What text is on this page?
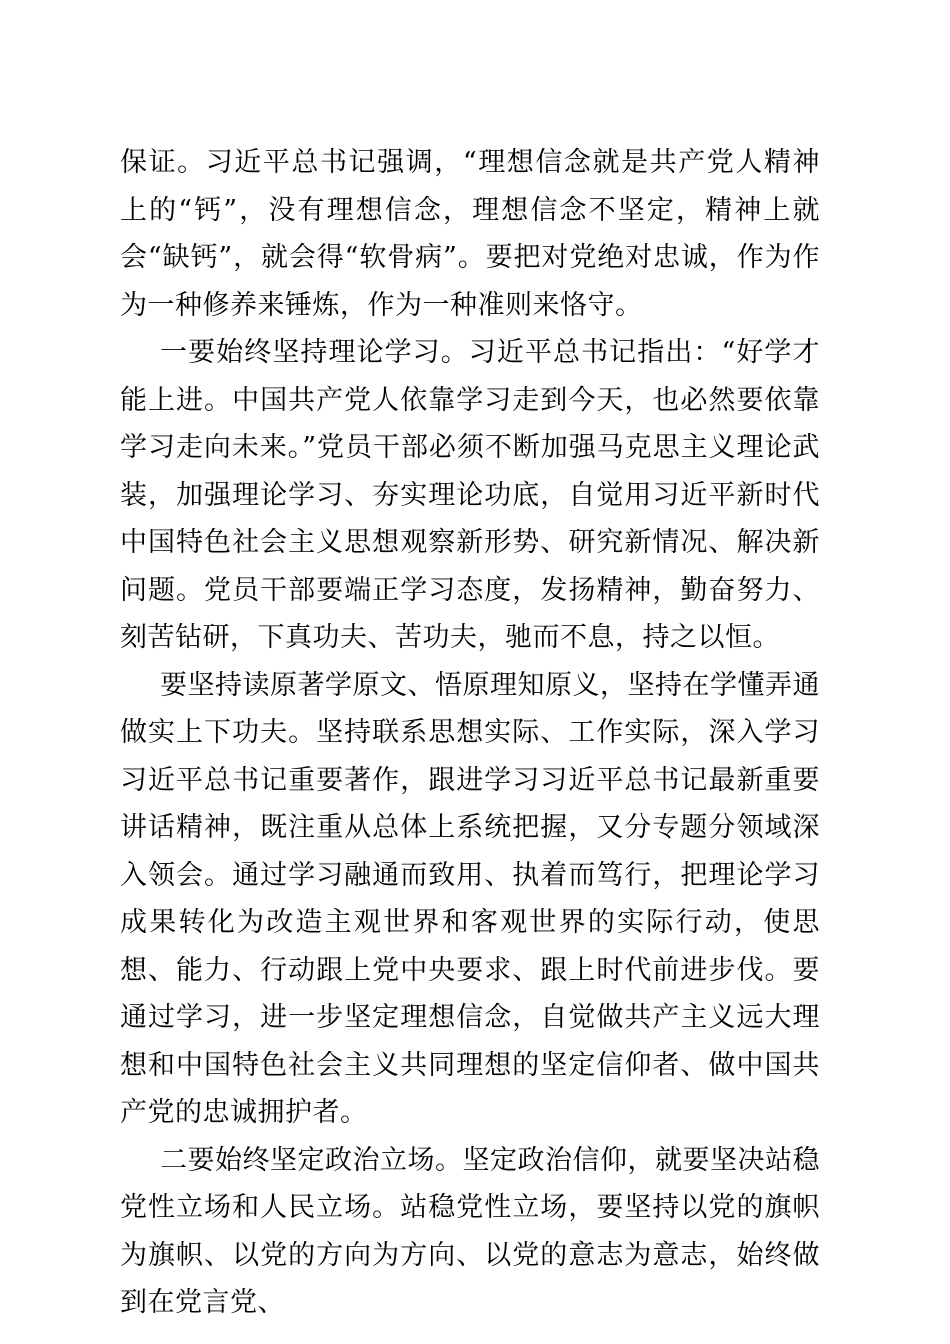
保证。习近平总书记强调，“理想信念就是共产党人精神上的“钙”，没有理想信念，理想信念不坚定，精神上就会“缺钙”，就会得“软骨病”。要把对党绝对忠诚，作为作为一种修养来锤炼，作为一种准则来恪守。

一要始终坚持理论学习。习近平总书记指出：“好学才能上进。中国共产党人依靠学习走到今天，也必然要依靠学习走向未来。”党员干部必须不断加强马克思主义理论武装，加强理论学习、夯实理论功底，自觉用习近平新时代中国特色社会主义思想观察新形势、研究新情况、解决新问题。党员干部要端正学习态度，发扬精神，勤奋努力、刻苦钻研，下真功夫、苦功夫，驰而不息，持之以恒。

要坚持读原著学原文、悟原理知原义，坚持在学懂弄通做实上下功夫。坚持联系思想实际、工作实际，深入学习习近平总书记重要著作，跟进学习习近平总书记最新重要讲话精神，既注重从总体上系统把握，又分专题分领域深入领会。通过学习融通而致用、执着而笃行，把理论学习成果转化为改造主观世界和客观世界的实际行动，使思想、能力、行动跟上党中央要求、跟上时代前进步伐。要通过学习，进一步坚定理想信念，自觉做共产主义远大理想和中国特色社会主义共同理想的坚定信仰者、做中国共产党的忠诚拥护者。

二要始终坚定政治立场。坚定政治信仰，就要坚决站稳党性立场和人民立场。站稳党性立场，要坚持以党的旗帜为旗帜、以党的方向为方向、以党的意志为意志，始终做到在党言党、
